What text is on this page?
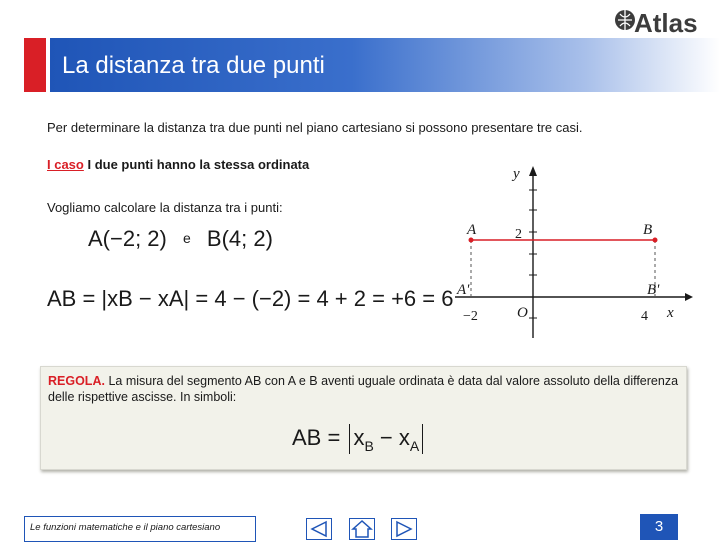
Atlas
La distanza tra due punti
Per determinare la distanza tra due punti nel piano cartesiano si possono presentare tre casi.
I caso I due punti hanno la stessa ordinata
Vogliamo calcolare la distanza tra i punti:
A(−2; 2) e B(4; 2)
AB = |xB − xA| = 4 − (−2) = 4 + 2 = +6 = 6
y
x
O
A	B
A'	B'
2
−2	4
REGOLA. La misura del segmento AB con A e B aventi uguale ordinata è data dal valore assoluto della differenza delle rispettive ascisse. In simboli:
AB = $x_B - x_A$
Le funzioni matematiche e il piano cartesiano	3
